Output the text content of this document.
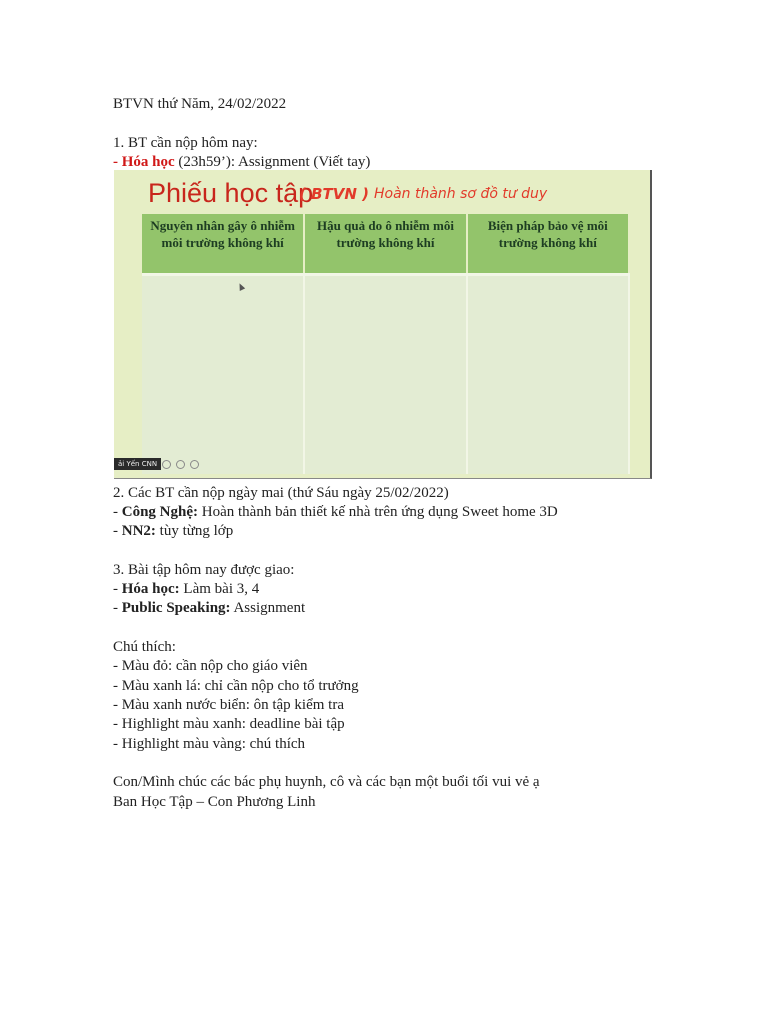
BTVN thứ Năm, 24/02/2022
1. BT cần nộp hôm nay:
- Hóa học (23h59’): Assignment (Viết tay)
Phiếu học tập
( BTVN ) Hoàn thành sơ đồ tư duy
Nguyên nhân gây ô nhiễm môi trường không khí	Hậu quả do ô nhiễm môi trường không khí	Biện pháp bảo vệ môi trường không khí

ải Yến CNN
2. Các BT cần nộp ngày mai (thứ Sáu ngày 25/02/2022)
- Công Nghệ: Hoàn thành bản thiết kế nhà trên ứng dụng Sweet home 3D
- NN2: tùy từng lớp
3. Bài tập hôm nay được giao:
- Hóa học: Làm bài 3, 4
- Public Speaking: Assignment
Chú thích:
- Màu đỏ: cần nộp cho giáo viên
- Màu xanh lá: chỉ cần nộp cho tổ trưởng
- Màu xanh nước biển: ôn tập kiểm tra
- Highlight màu xanh: deadline bài tập
- Highlight màu vàng: chú thích
Con/Mình chúc các bác phụ huynh, cô và các bạn một buổi tối vui vẻ ạ
Ban Học Tập – Con Phương Linh
